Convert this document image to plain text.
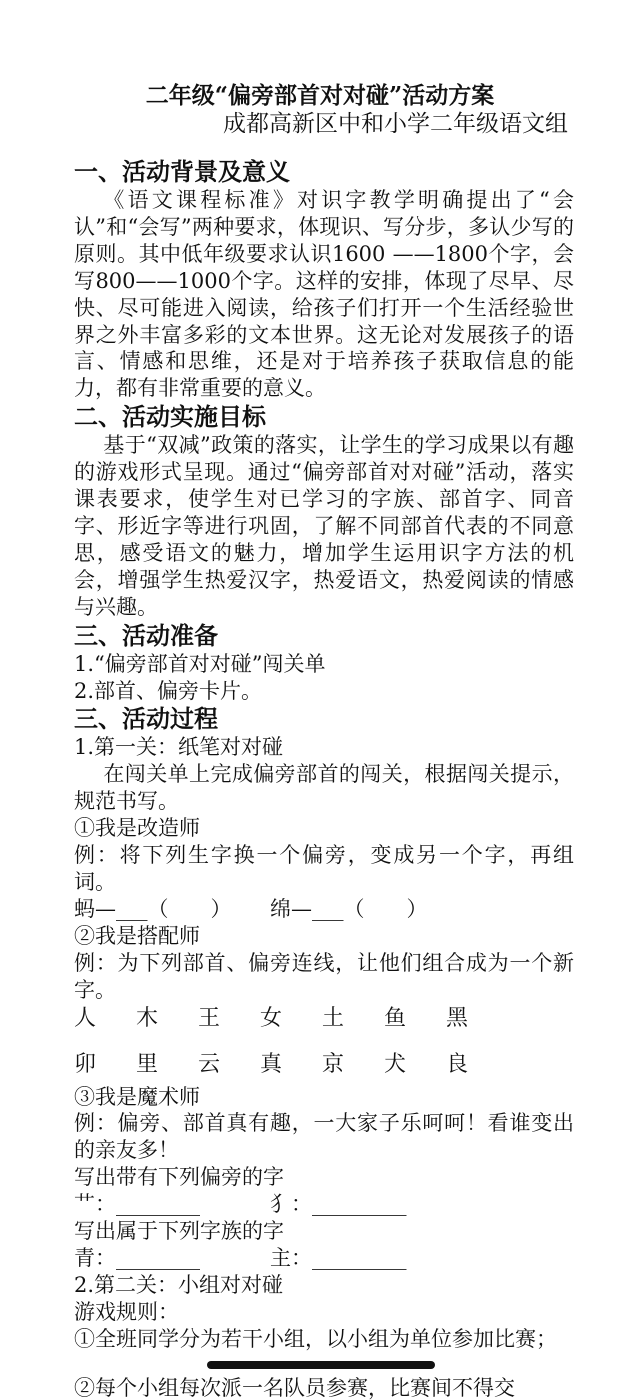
二年级“偏旁部首对对碰”活动方案
成都高新区中和小学二年级语文组

一、活动背景及意义

《语文课程标准》对识字教学明确提出了“会认”和“会写”两种要求，体现识、写分步，多认少写的原则。其中低年级要求认识1600 ——1800个字，会写800——1000个字。这样的安排，体现了尽早、尽快、尽可能进入阅读，给孩子们打开一个生活经验世界之外丰富多彩的文本世界。这无论对发展孩子的语言、情感和思维，还是对于培养孩子获取信息的能力，都有非常重要的意义。

二、活动实施目标

基于“双减”政策的落实，让学生的学习成果以有趣的游戏形式呈现。通过“偏旁部首对对碰”活动，落实课表要求，使学生对已学习的字族、部首字、同音字、形近字等进行巩固，了解不同部首代表的不同意思，感受语文的魅力，增加学生运用识字方法的机会，增强学生热爱汉字，热爱语文，热爱阅读的情感与兴趣。

三、活动准备

1.“偏旁部首对对碰”闯关单

2.部首、偏旁卡片。

三、活动过程

1.第一关：纸笔对对碰

在闯关单上完成偏旁部首的闯关，根据闯关提示，规范书写。

①我是改造师

例：将下列生字换一个偏旁，变成另一个字，再组词。

蚂—___（　　） 绵—___（　　）

②我是搭配师

例：为下列部首、偏旁连线，让他们组合成为一个新字。

人 木 王 女 土 鱼 黑
卯 里 云 真 京 犬 良

③我是魔术师

例：偏旁、部首真有趣，一大家子乐呵呵！看谁变出的亲友多！

写出带有下列偏旁的字

艹：________	犭：_________

写出属于下列字族的字

青：________	主：_________

2.第二关：小组对对碰

游戏规则：

①全班同学分为若干小组，以小组为单位参加比赛；

②每个小组每次派一名队员参赛，比赛间不得交
